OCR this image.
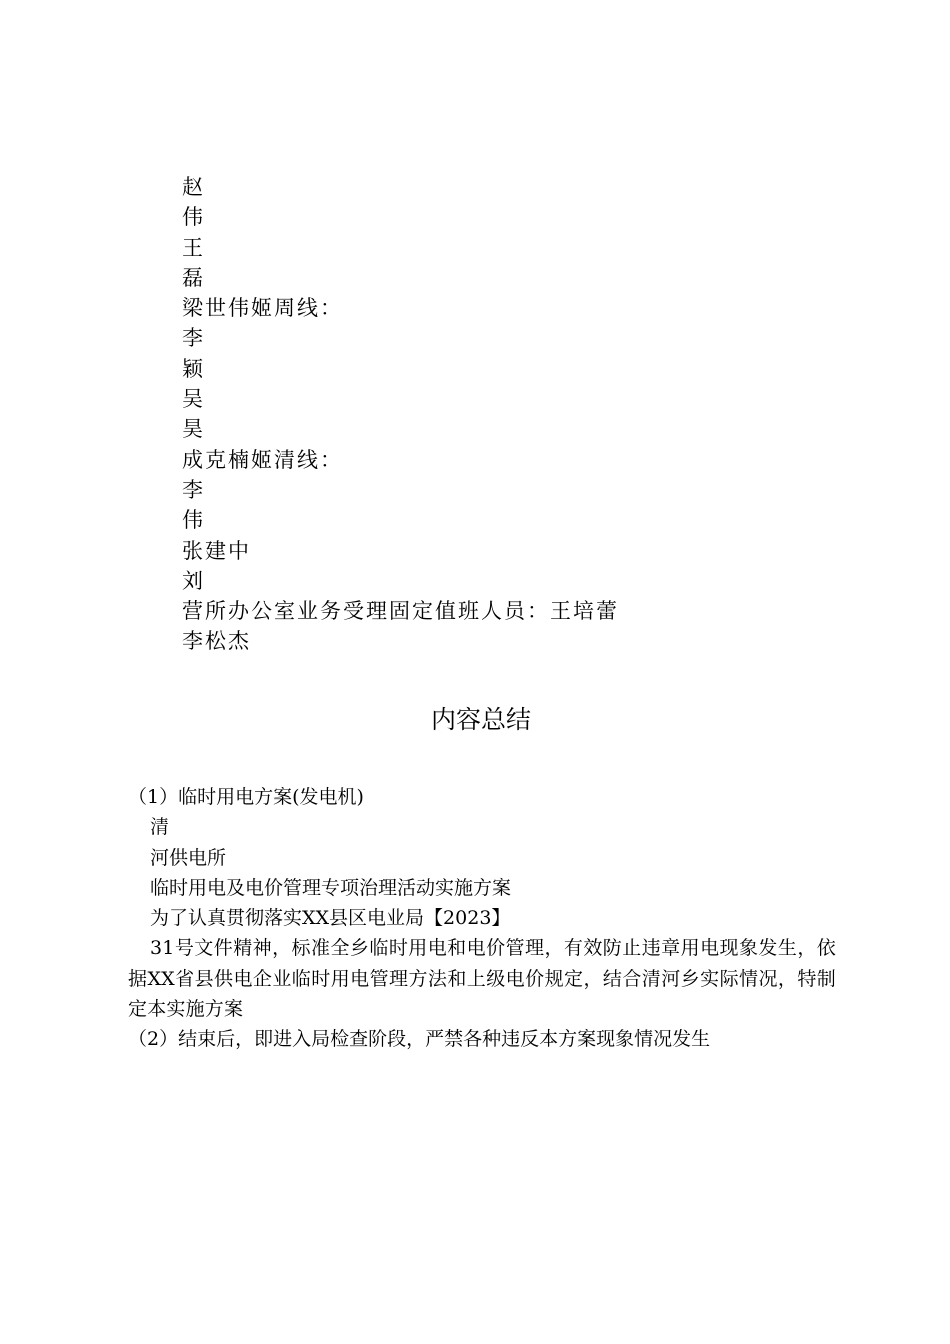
赵
伟
王
磊
梁世伟姬周线：
李
颖
吴
昊
成克楠姬清线：
李
伟
张建中
刘
营所办公室业务受理固定值班人员：王培蕾
李松杰
内容总结
（1）临时用电方案(发电机)
清
河供电所
临时用电及电价管理专项治理活动实施方案
为了认真贯彻落实XX县区电业局【2023】
31号文件精神，标准全乡临时用电和电价管理，有效防止违章用电现象发生，依据XX省县供电企业临时用电管理方法和上级电价规定，结合清河乡实际情况，特制定本实施方案
（2）结束后，即进入局检查阶段，严禁各种违反本方案现象情况发生
